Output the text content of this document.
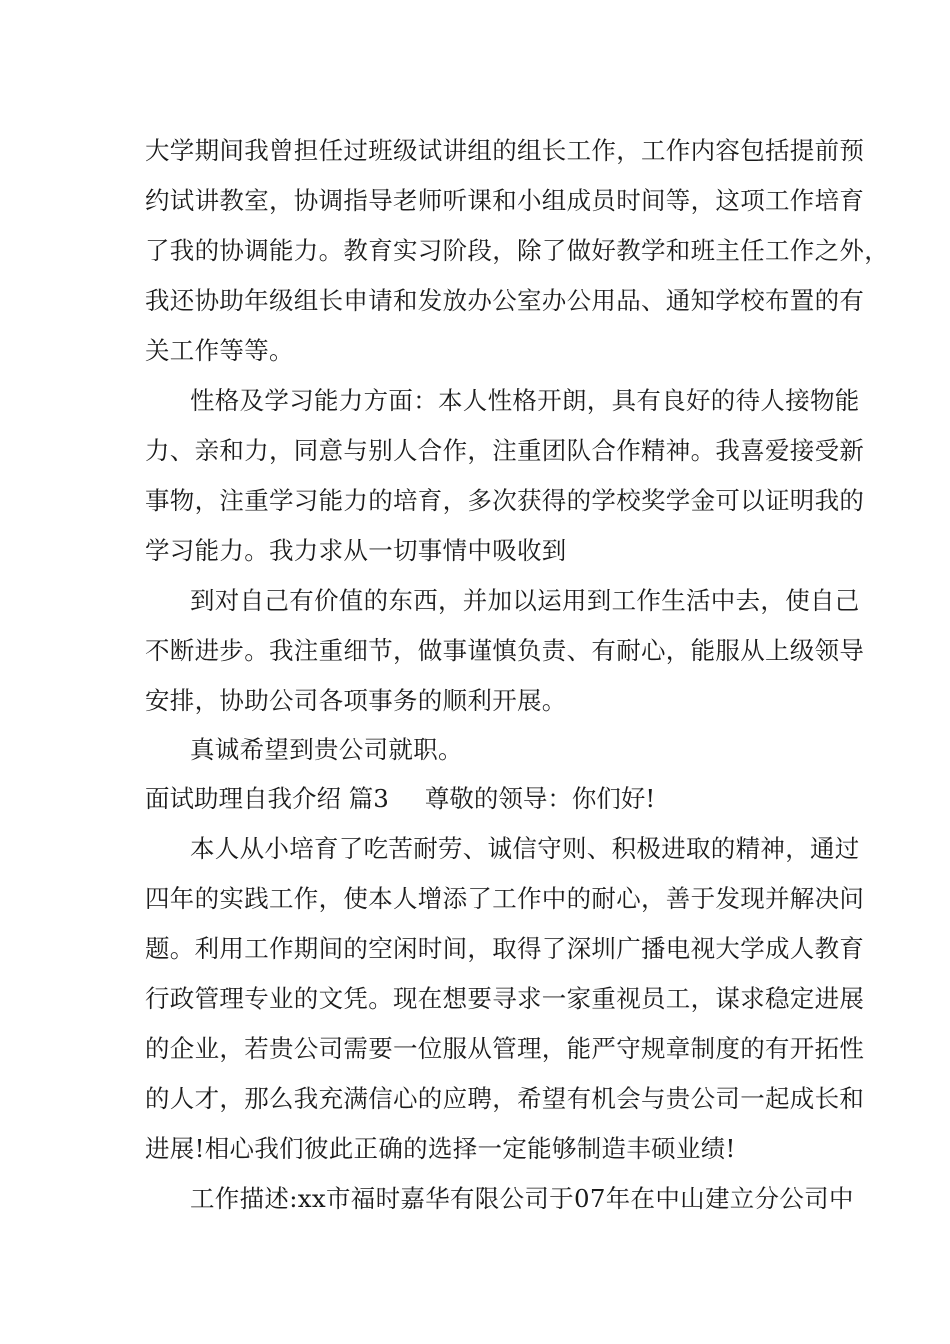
大学期间我曾担任过班级试讲组的组长工作，工作内容包括提前预
约试讲教室，协调指导老师听课和小组成员时间等，这项工作培育
了我的协调能力。教育实习阶段，除了做好教学和班主任工作之外，
我还协助年级组长申请和发放办公室办公用品、通知学校布置的有
关工作等等。
性格及学习能力方面：本人性格开朗，具有良好的待人接物能
力、亲和力，同意与别人合作，注重团队合作精神。我喜爱接受新
事物，注重学习能力的培育，多次获得的学校奖学金可以证明我的
学习能力。我力求从一切事情中吸收到
到对自己有价值的东西，并加以运用到工作生活中去，使自己
不断进步。我注重细节，做事谨慎负责、有耐心，能服从上级领导
安排，协助公司各项事务的顺利开展。
真诚希望到贵公司就职。
面试助理自我介绍 篇3 尊敬的领导：你们好!
本人从小培育了吃苦耐劳、诚信守则、积极进取的精神，通过
四年的实践工作，使本人增添了工作中的耐心，善于发现并解决问
题。利用工作期间的空闲时间，取得了深圳广播电视大学成人教育
行政管理专业的文凭。现在想要寻求一家重视员工，谋求稳定进展
的企业，若贵公司需要一位服从管理，能严守规章制度的有开拓性
的人才，那么我充满信心的应聘，希望有机会与贵公司一起成长和
进展!相心我们彼此正确的选择一定能够制造丰硕业绩!
工作描述:xx市福时嘉华有限公司于07年在中山建立分公司中
